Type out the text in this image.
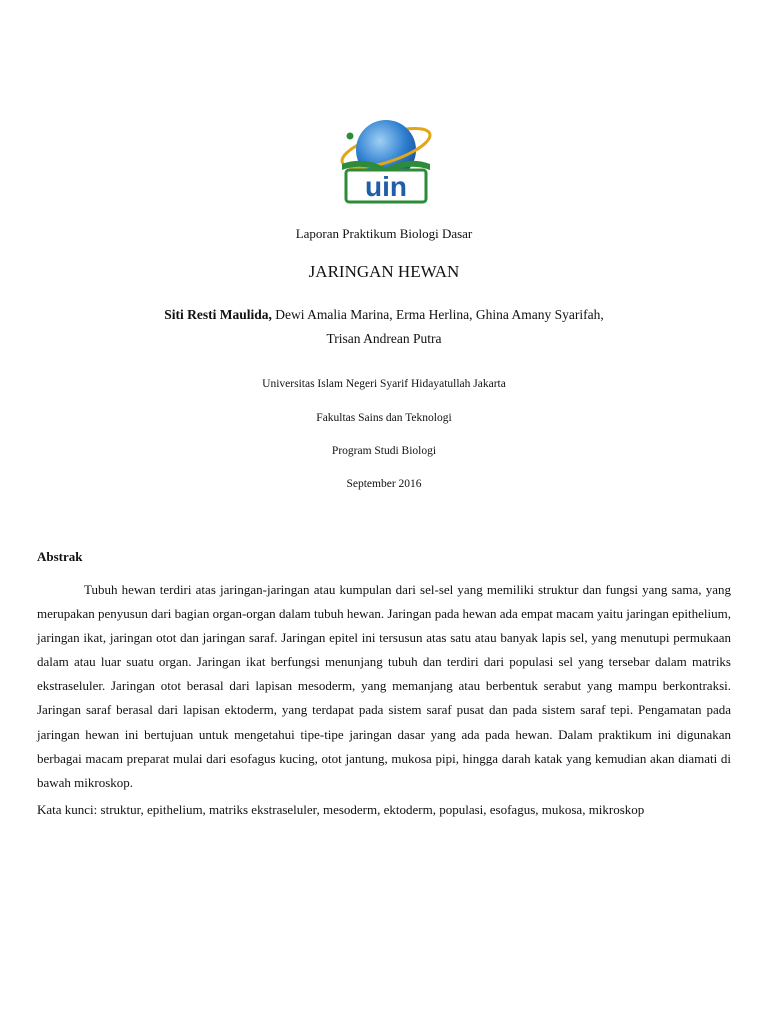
uin
Laporan Praktikum Biologi Dasar
JARINGAN HEWAN
Siti Resti Maulida, Dewi Amalia Marina, Erma Herlina, Ghina Amany Syarifah,
Trisan Andrean Putra
Universitas Islam Negeri Syarif Hidayatullah Jakarta
Fakultas Sains dan Teknologi
Program Studi Biologi
September 2016
Abstrak

Tubuh hewan terdiri atas jaringan-jaringan atau kumpulan dari sel-sel yang memiliki struktur dan fungsi yang sama, yang merupakan penyusun dari bagian organ-organ dalam tubuh hewan. Jaringan pada hewan ada empat macam yaitu jaringan epithelium, jaringan ikat, jaringan otot dan jaringan saraf. Jaringan epitel ini tersusun atas satu atau banyak lapis sel, yang menutupi permukaan dalam atau luar suatu organ. Jaringan ikat berfungsi menunjang tubuh dan terdiri dari populasi sel yang tersebar dalam matriks ekstraseluler. Jaringan otot berasal dari lapisan mesoderm, yang memanjang atau berbentuk serabut yang mampu berkontraksi. Jaringan saraf berasal dari lapisan ektoderm, yang terdapat pada sistem saraf pusat dan pada sistem saraf tepi. Pengamatan pada jaringan hewan ini bertujuan untuk mengetahui tipe-tipe jaringan dasar yang ada pada hewan. Dalam praktikum ini digunakan berbagai macam preparat mulai dari esofagus kucing, otot jantung, mukosa pipi, hingga darah katak yang kemudian akan diamati di bawah mikroskop.

Kata kunci: struktur, epithelium, matriks ekstraseluler, mesoderm, ektoderm, populasi, esofagus, mukosa, mikroskop
